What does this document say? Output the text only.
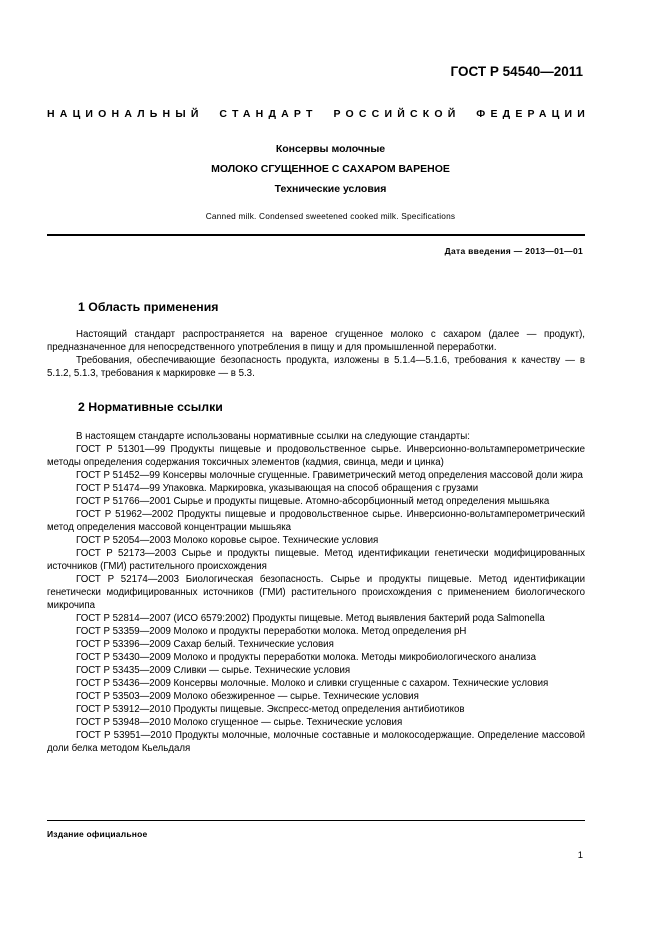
ГОСТ Р 54540—2011
НАЦИОНАЛЬНЫЙ СТАНДАРТ РОССИЙСКОЙ ФЕДЕРАЦИИ
Консервы молочные
МОЛОКО СГУЩЕННОЕ С САХАРОМ ВАРЕНОЕ
Технические условия
Canned milk. Condensed sweetened cooked milk. Specifications
Дата введения — 2013—01—01
1 Область применения

Настоящий стандарт распространяется на вареное сгущенное молоко с сахаром (далее — продукт), предназначенное для непосредственного употребления в пищу и для промышленной переработки.

Требования, обеспечивающие безопасность продукта, изложены в 5.1.4—5.1.6, требования к качеству — в 5.1.2, 5.1.3, требования к маркировке — в 5.3.

2 Нормативные ссылки

В настоящем стандарте использованы нормативные ссылки на следующие стандарты:

ГОСТ Р 51301—99 Продукты пищевые и продовольственное сырье. Инверсионно-вольтамперометрические методы определения содержания токсичных элементов (кадмия, свинца, меди и цинка)

ГОСТ Р 51452—99 Консервы молочные сгущенные. Гравиметрический метод определения массовой доли жира

ГОСТ Р 51474—99 Упаковка. Маркировка, указывающая на способ обращения с грузами

ГОСТ Р 51766—2001 Сырье и продукты пищевые. Атомно-абсорбционный метод определения мышьяка

ГОСТ Р 51962—2002 Продукты пищевые и продовольственное сырье. Инверсионно-вольтамперометрический метод определения массовой концентрации мышьяка

ГОСТ Р 52054—2003 Молоко коровье сырое. Технические условия

ГОСТ Р 52173—2003 Сырье и продукты пищевые. Метод идентификации генетически модифицированных источников (ГМИ) растительного происхождения

ГОСТ Р 52174—2003 Биологическая безопасность. Сырье и продукты пищевые. Метод идентификации генетически модифицированных источников (ГМИ) растительного происхождения с применением биологического микрочипа

ГОСТ Р 52814—2007 (ИСО 6579:2002) Продукты пищевые. Метод выявления бактерий рода Salmonella

ГОСТ Р 53359—2009 Молоко и продукты переработки молока. Метод определения pH

ГОСТ Р 53396—2009 Сахар белый. Технические условия

ГОСТ Р 53430—2009 Молоко и продукты переработки молока. Методы микробиологического анализа

ГОСТ Р 53435—2009 Сливки — сырье. Технические условия

ГОСТ Р 53436—2009 Консервы молочные. Молоко и сливки сгущенные с сахаром. Технические условия

ГОСТ Р 53503—2009 Молоко обезжиренное — сырье. Технические условия

ГОСТ Р 53912—2010 Продукты пищевые. Экспресс-метод определения антибиотиков

ГОСТ Р 53948—2010 Молоко сгущенное — сырье. Технические условия

ГОСТ Р 53951—2010 Продукты молочные, молочные составные и молокосодержащие. Определение массовой доли белка методом Кьельдаля

Издание официальное
1
